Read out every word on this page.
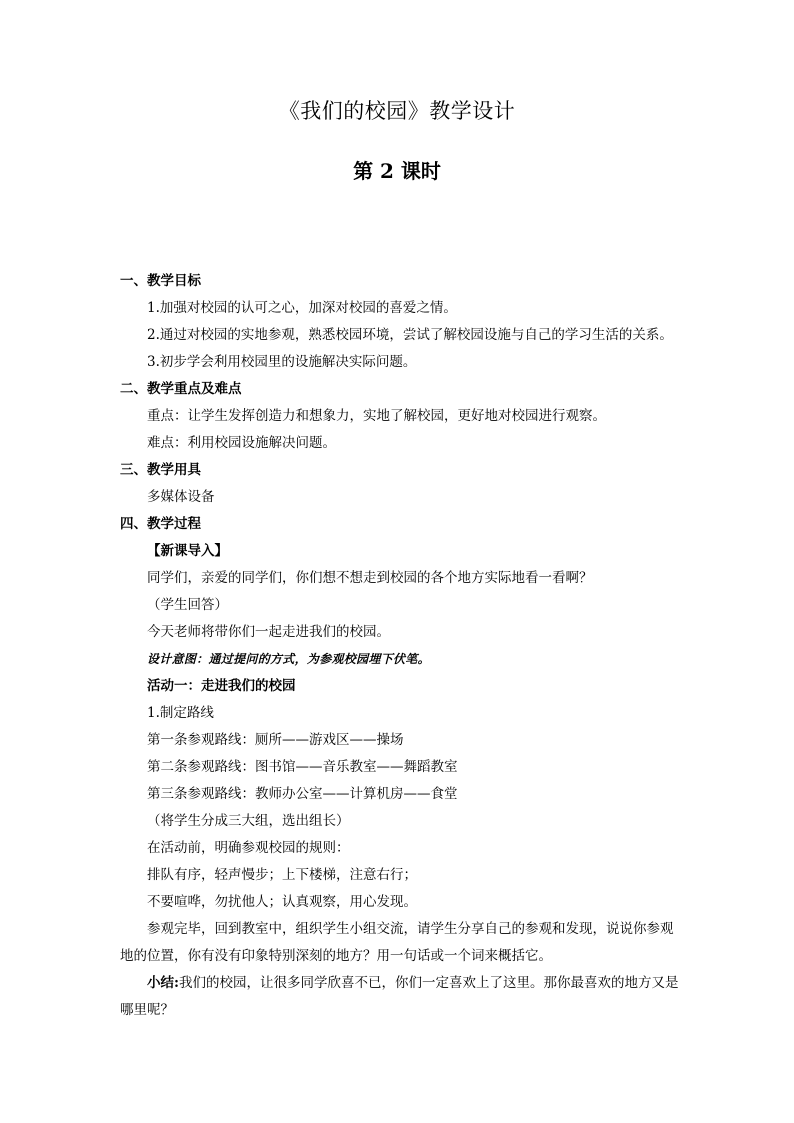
《我们的校园》教学设计
第 2 课时
一、教学目标
1.加强对校园的认可之心，加深对校园的喜爱之情。
2.通过对校园的实地参观，熟悉校园环境，尝试了解校园设施与自己的学习生活的关系。
3.初步学会利用校园里的设施解决实际问题。
二、教学重点及难点
重点：让学生发挥创造力和想象力，实地了解校园，更好地对校园进行观察。
难点：利用校园设施解决问题。
三、教学用具
多媒体设备
四、教学过程
【新课导入】
同学们，亲爱的同学们，你们想不想走到校园的各个地方实际地看一看啊？
（学生回答）
今天老师将带你们一起走进我们的校园。
设计意图：通过提问的方式，为参观校园埋下伏笔。
活动一：走进我们的校园
1.制定路线
第一条参观路线：厕所——游戏区——操场
第二条参观路线：图书馆——音乐教室——舞蹈教室
第三条参观路线：教师办公室——计算机房——食堂
（将学生分成三大组，选出组长）
在活动前，明确参观校园的规则：
排队有序，轻声慢步；上下楼梯，注意右行；
不要喧哗，勿扰他人；认真观察，用心发现。
参观完毕，回到教室中，组织学生小组交流，请学生分享自己的参观和发现，说说你参观地的位置，你有没有印象特别深刻的地方？用一句话或一个词来概括它。
小结:我们的校园，让很多同学欣喜不已，你们一定喜欢上了这里。那你最喜欢的地方又是哪里呢？
